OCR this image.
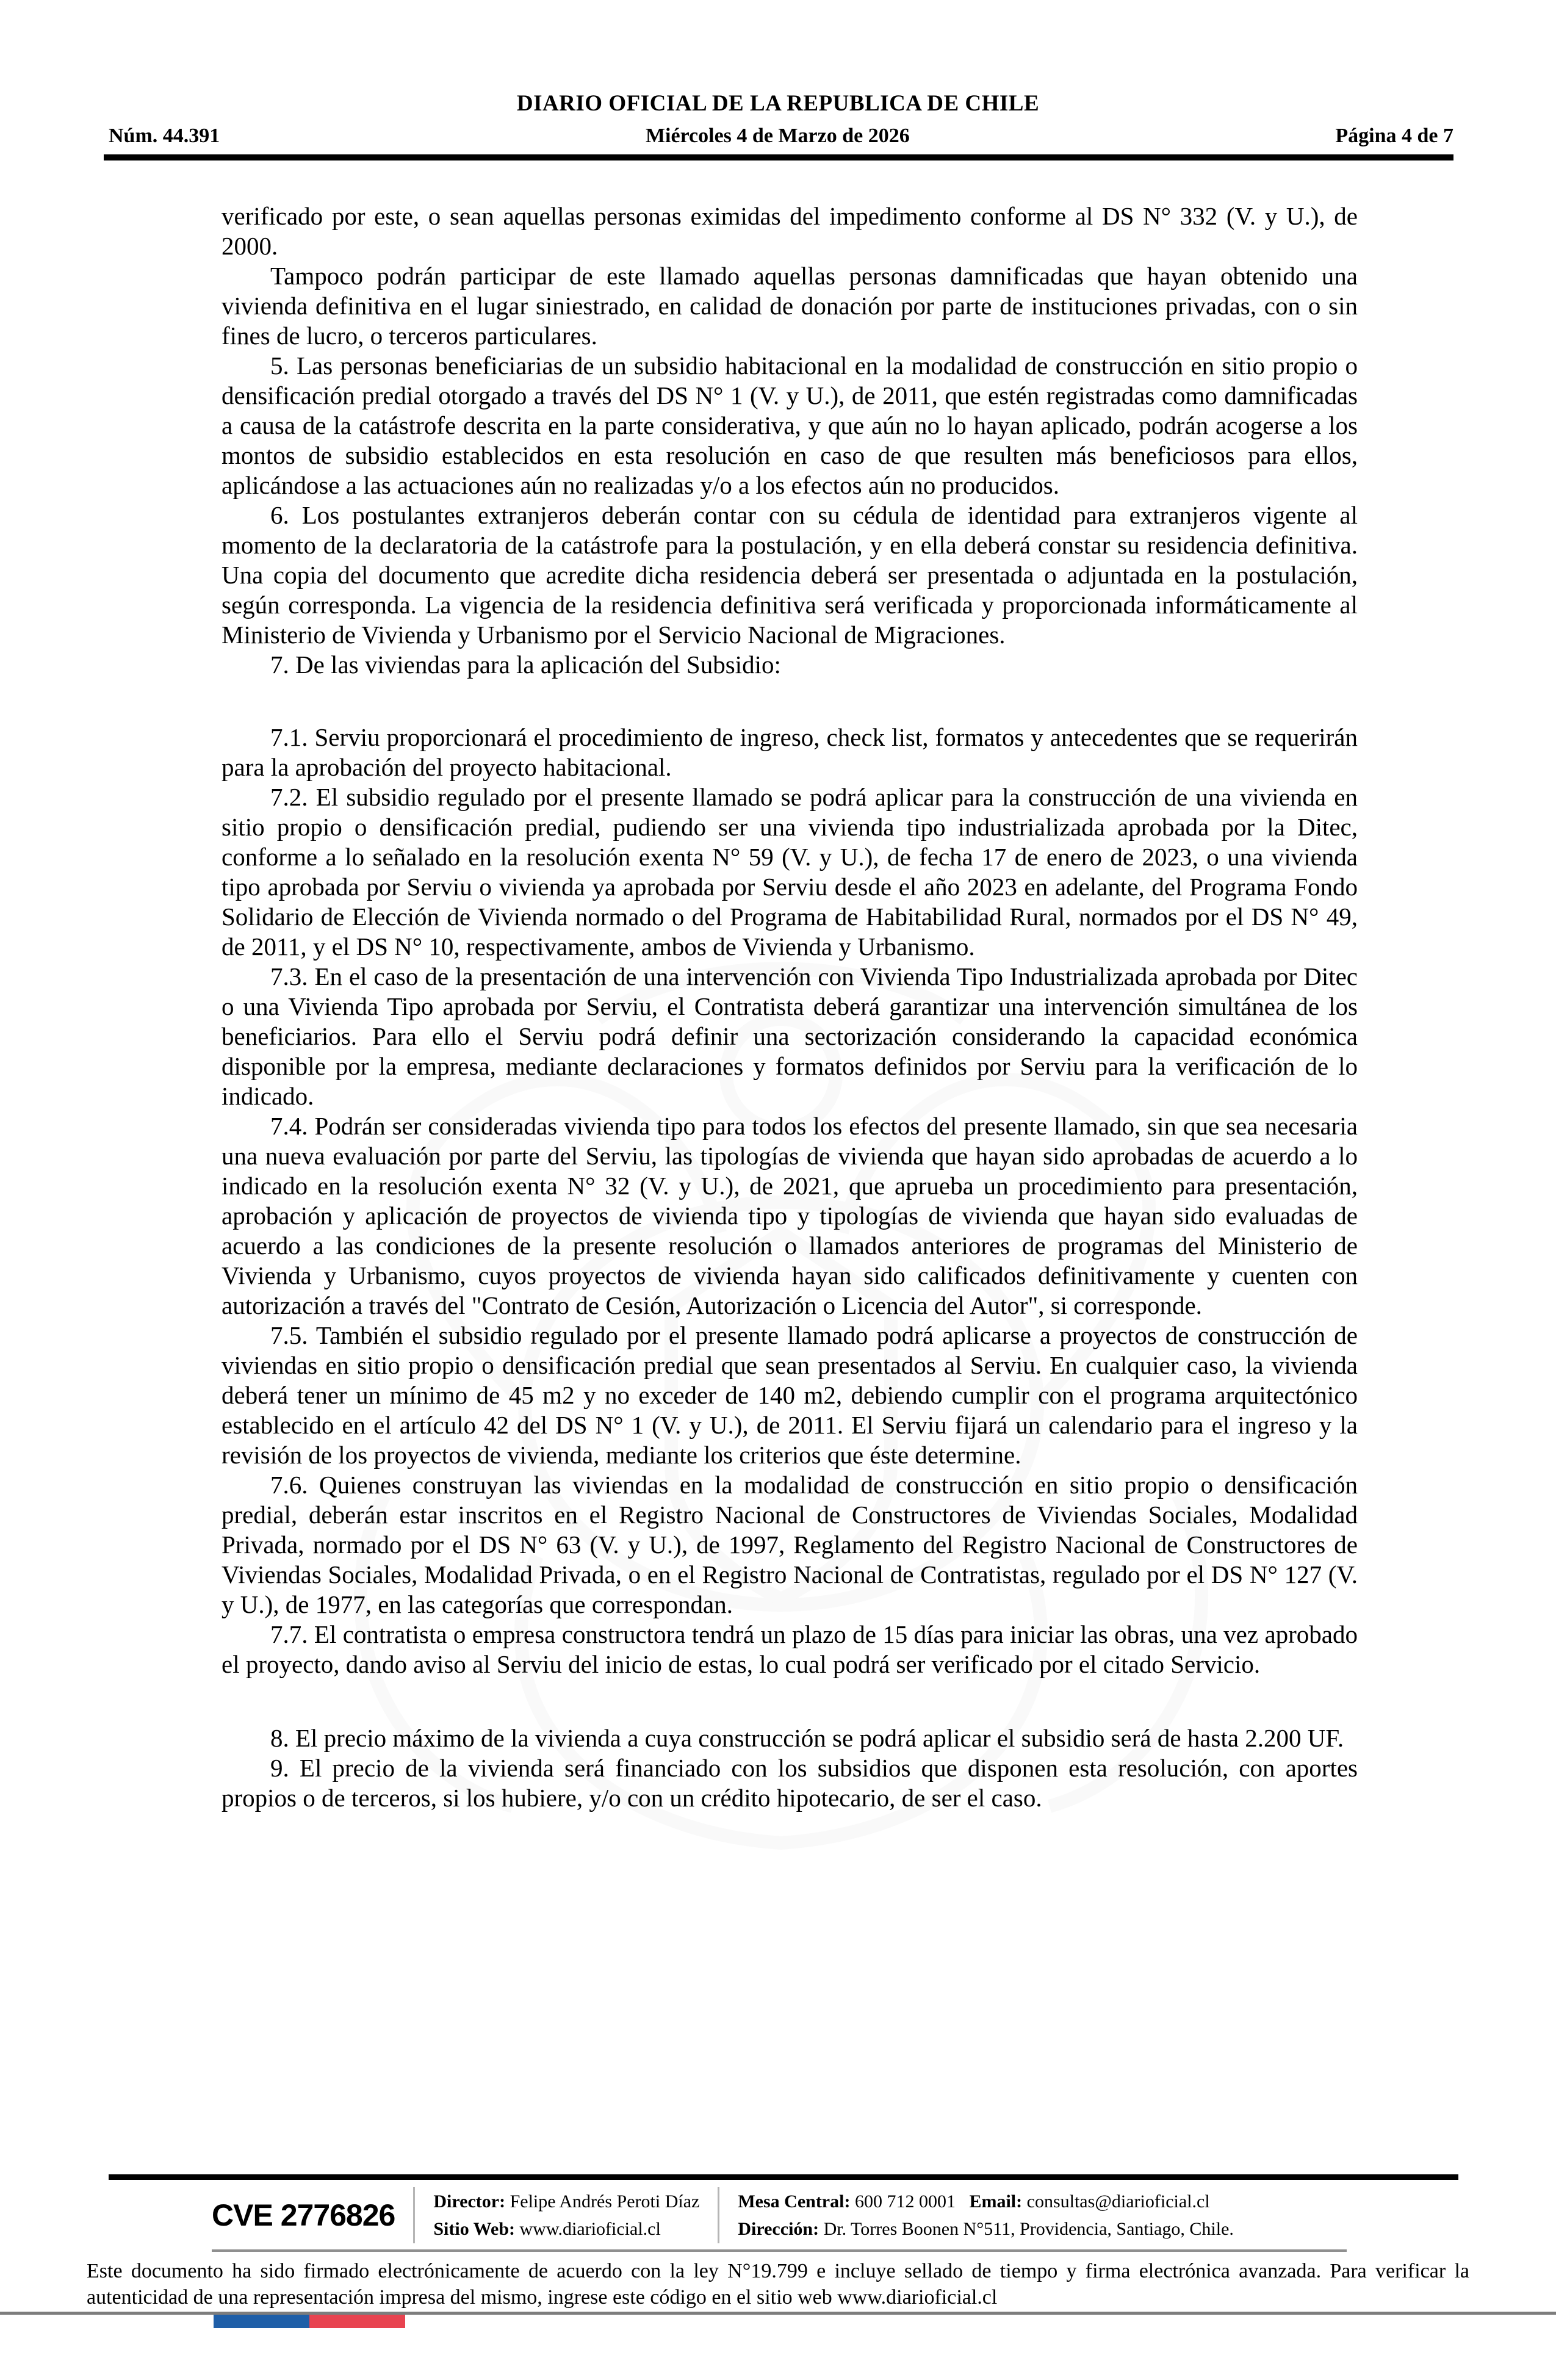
DIARIO OFICIAL DE LA REPUBLICA DE CHILE
Núm. 44.391	Miércoles 4 de Marzo de 2026	Página 4 de 7

verificado por este, o sean aquellas personas eximidas del impedimento conforme al DS N° 332 (V. y U.), de 2000.

Tampoco podrán participar de este llamado aquellas personas damnificadas que hayan obtenido una vivienda definitiva en el lugar siniestrado, en calidad de donación por parte de instituciones privadas, con o sin fines de lucro, o terceros particulares.

5. Las personas beneficiarias de un subsidio habitacional en la modalidad de construcción en sitio propio o densificación predial otorgado a través del DS N° 1 (V. y U.), de 2011, que estén registradas como damnificadas a causa de la catástrofe descrita en la parte considerativa, y que aún no lo hayan aplicado, podrán acogerse a los montos de subsidio establecidos en esta resolución en caso de que resulten más beneficiosos para ellos, aplicándose a las actuaciones aún no realizadas y/o a los efectos aún no producidos.

6. Los postulantes extranjeros deberán contar con su cédula de identidad para extranjeros vigente al momento de la declaratoria de la catástrofe para la postulación, y en ella deberá constar su residencia definitiva. Una copia del documento que acredite dicha residencia deberá ser presentada o adjuntada en la postulación, según corresponda. La vigencia de la residencia definitiva será verificada y proporcionada informáticamente al Ministerio de Vivienda y Urbanismo por el Servicio Nacional de Migraciones.

7. De las viviendas para la aplicación del Subsidio:

7.1. Serviu proporcionará el procedimiento de ingreso, check list, formatos y antecedentes que se requerirán para la aprobación del proyecto habitacional.

7.2. El subsidio regulado por el presente llamado se podrá aplicar para la construcción de una vivienda en sitio propio o densificación predial, pudiendo ser una vivienda tipo industrializada aprobada por la Ditec, conforme a lo señalado en la resolución exenta N° 59 (V. y U.), de fecha 17 de enero de 2023, o una vivienda tipo aprobada por Serviu o vivienda ya aprobada por Serviu desde el año 2023 en adelante, del Programa Fondo Solidario de Elección de Vivienda normado o del Programa de Habitabilidad Rural, normados por el DS N° 49, de 2011, y el DS N° 10, respectivamente, ambos de Vivienda y Urbanismo.

7.3. En el caso de la presentación de una intervención con Vivienda Tipo Industrializada aprobada por Ditec o una Vivienda Tipo aprobada por Serviu, el Contratista deberá garantizar una intervención simultánea de los beneficiarios. Para ello el Serviu podrá definir una sectorización considerando la capacidad económica disponible por la empresa, mediante declaraciones y formatos definidos por Serviu para la verificación de lo indicado.

7.4. Podrán ser consideradas vivienda tipo para todos los efectos del presente llamado, sin que sea necesaria una nueva evaluación por parte del Serviu, las tipologías de vivienda que hayan sido aprobadas de acuerdo a lo indicado en la resolución exenta N° 32 (V. y U.), de 2021, que aprueba un procedimiento para presentación, aprobación y aplicación de proyectos de vivienda tipo y tipologías de vivienda que hayan sido evaluadas de acuerdo a las condiciones de la presente resolución o llamados anteriores de programas del Ministerio de Vivienda y Urbanismo, cuyos proyectos de vivienda hayan sido calificados definitivamente y cuenten con autorización a través del "Contrato de Cesión, Autorización o Licencia del Autor", si corresponde.

7.5. También el subsidio regulado por el presente llamado podrá aplicarse a proyectos de construcción de viviendas en sitio propio o densificación predial que sean presentados al Serviu. En cualquier caso, la vivienda deberá tener un mínimo de 45 m2 y no exceder de 140 m2, debiendo cumplir con el programa arquitectónico establecido en el artículo 42 del DS N° 1 (V. y U.), de 2011. El Serviu fijará un calendario para el ingreso y la revisión de los proyectos de vivienda, mediante los criterios que éste determine.

7.6. Quienes construyan las viviendas en la modalidad de construcción en sitio propio o densificación predial, deberán estar inscritos en el Registro Nacional de Constructores de Viviendas Sociales, Modalidad Privada, normado por el DS N° 63 (V. y U.), de 1997, Reglamento del Registro Nacional de Constructores de Viviendas Sociales, Modalidad Privada, o en el Registro Nacional de Contratistas, regulado por el DS N° 127 (V. y U.), de 1977, en las categorías que correspondan.

7.7. El contratista o empresa constructora tendrá un plazo de 15 días para iniciar las obras, una vez aprobado el proyecto, dando aviso al Serviu del inicio de estas, lo cual podrá ser verificado por el citado Servicio.

8. El precio máximo de la vivienda a cuya construcción se podrá aplicar el subsidio será de hasta 2.200 UF.

9. El precio de la vivienda será financiado con los subsidios que disponen esta resolución, con aportes propios o de terceros, si los hubiere, y/o con un crédito hipotecario, de ser el caso.

CVE 2776826 Director: Felipe Andrés Peroti Díaz
Sitio Web: www.diarioficial.cl
Mesa Central: 600 712 0001 Email: consultas@diarioficial.cl
Dirección: Dr. Torres Boonen N°511, Providencia, Santiago, Chile.
Este documento ha sido firmado electrónicamente de acuerdo con la ley N°19.799 e incluye sellado de tiempo y firma electrónica avanzada. Para verificar la autenticidad de una representación impresa del mismo, ingrese este código en el sitio web www.diarioficial.cl
